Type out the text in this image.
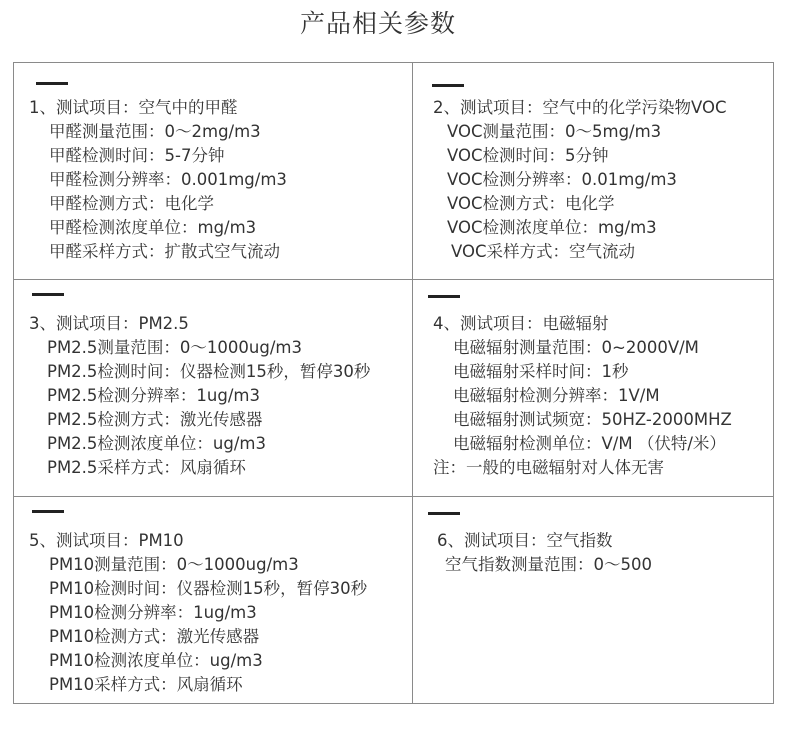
产品相关参数
1、测试项目：空气中的甲醛
甲醛测量范围：0～2mg/m3
甲醛检测时间：5-7分钟
甲醛检测分辨率：0.001mg/m3
甲醛检测方式：电化学
甲醛检测浓度单位：mg/m3
甲醛采样方式：扩散式空气流动
2、测试项目：空气中的化学污染物VOC
VOC测量范围：0～5mg/m3
VOC检测时间：5分钟
VOC检测分辨率：0.01mg/m3
VOC检测方式：电化学
VOC检测浓度单位：mg/m3
VOC采样方式：空气流动
3、测试项目：PM2.5
PM2.5测量范围：0～1000ug/m3
PM2.5检测时间：仪器检测15秒，暂停30秒
PM2.5检测分辨率：1ug/m3
PM2.5检测方式：激光传感器
PM2.5检测浓度单位：ug/m3
PM2.5采样方式：风扇循环
4、测试项目：电磁辐射
电磁辐射测量范围：0~2000V/M
电磁辐射采样时间：1秒
电磁辐射检测分辨率：1V/M
电磁辐射测试频宽：50HZ-2000MHZ
电磁辐射检测单位：V/M （伏特/米）
注：一般的电磁辐射对人体无害
5、测试项目：PM10
PM10测量范围：0～1000ug/m3
PM10检测时间：仪器检测15秒，暂停30秒
PM10检测分辨率：1ug/m3
PM10检测方式：激光传感器
PM10检测浓度单位：ug/m3
PM10采样方式：风扇循环
6、测试项目：空气指数
空气指数测量范围：0～500
